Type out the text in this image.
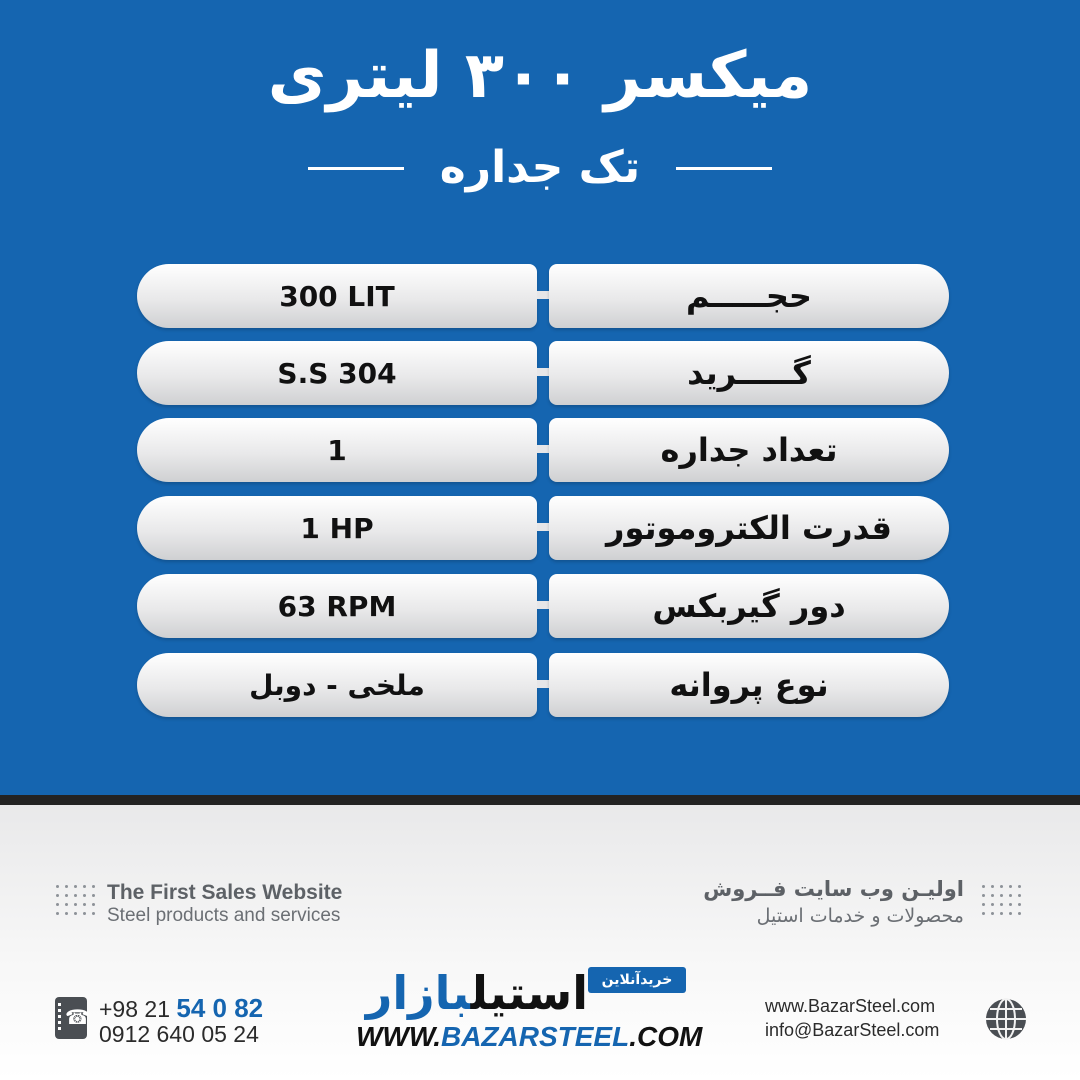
میکسر ۳۰۰ لیتری
تک جداره
300 LIT	حجـــــم
S.S 304	گـــــرید
1	تعداد جداره
1 HP	قدرت الکتروموتور
63 RPM	دور گیربکس
ملخی - دوبل	نوع پروانه
The First Sales Website
Steel products and services
اولیـن وب سایت فــروش
محصولات و خدمات استیل
☎
+98 21 54 0 82
0912 640 05 24
خریدآنلاین
استیلبازار
WWW.BAZARSTEEL.COM
www.BazarSteel.com
info@BazarSteel.com
